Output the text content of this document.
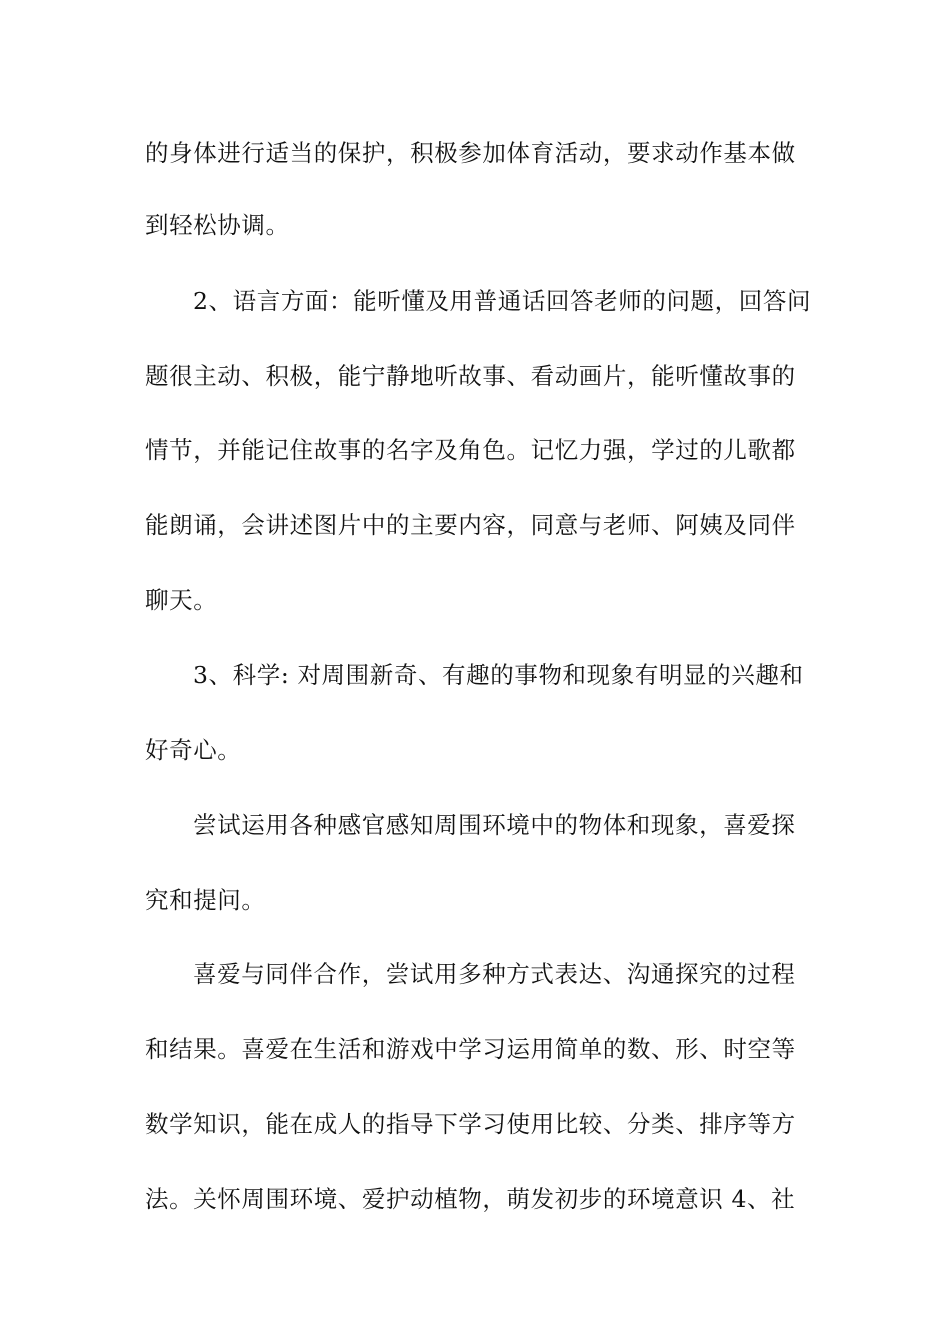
的身体进行适当的保护，积极参加体育活动，要求动作基本做
到轻松协调。
2、语言方面：能听懂及用普通话回答老师的问题，回答问
题很主动、积极，能宁静地听故事、看动画片，能听懂故事的
情节，并能记住故事的名字及角色。记忆力强，学过的儿歌都
能朗诵，会讲述图片中的主要内容，同意与老师、阿姨及同伴
聊天。
3、科学: 对周围新奇、有趣的事物和现象有明显的兴趣和
好奇心。
尝试运用各种感官感知周围环境中的物体和现象，喜爱探
究和提问。
喜爱与同伴合作，尝试用多种方式表达、沟通探究的过程
和结果。喜爱在生活和游戏中学习运用简单的数、形、时空等
数学知识，能在成人的指导下学习使用比较、分类、排序等方
法。关怀周围环境、爱护动植物，萌发初步的环境意识 4、社
